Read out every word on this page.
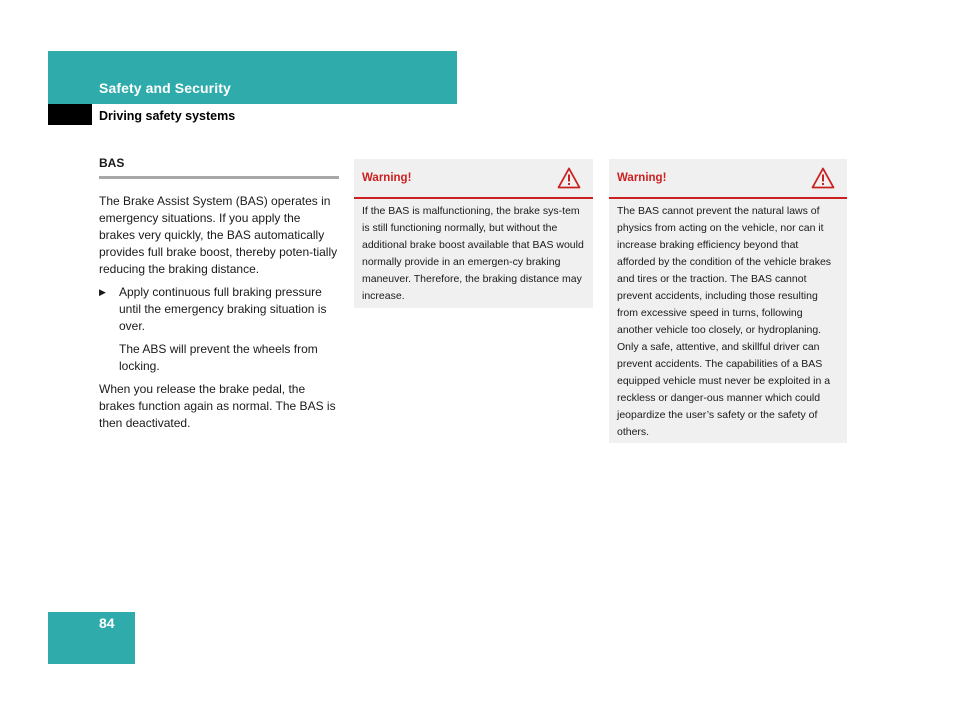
Safety and Security
Driving safety systems
BAS

The Brake Assist System (BAS) operates in emergency situations. If you apply the brakes very quickly, the BAS automatically provides full brake boost, thereby poten-tially reducing the braking distance.

▶	Apply continuous full braking pressure until the emergency braking situation is over.

The ABS will prevent the wheels from locking.

When you release the brake pedal, the brakes function again as normal. The BAS is then deactivated.

Warning!
If the BAS is malfunctioning, the brake sys-tem is still functioning normally, but without the additional brake boost available that BAS would normally provide in an emergen-cy braking maneuver. Therefore, the braking distance may increase.
Warning!
The BAS cannot prevent the natural laws of physics from acting on the vehicle, nor can it increase braking efficiency beyond that afforded by the condition of the vehicle brakes and tires or the traction. The BAS cannot prevent accidents, including those resulting from excessive speed in turns, following another vehicle too closely, or hydroplaning. Only a safe, attentive, and skillful driver can prevent accidents. The capabilities of a BAS equipped vehicle must never be exploited in a reckless or danger-ous manner which could jeopardize the user’s safety or the safety of others.
84
